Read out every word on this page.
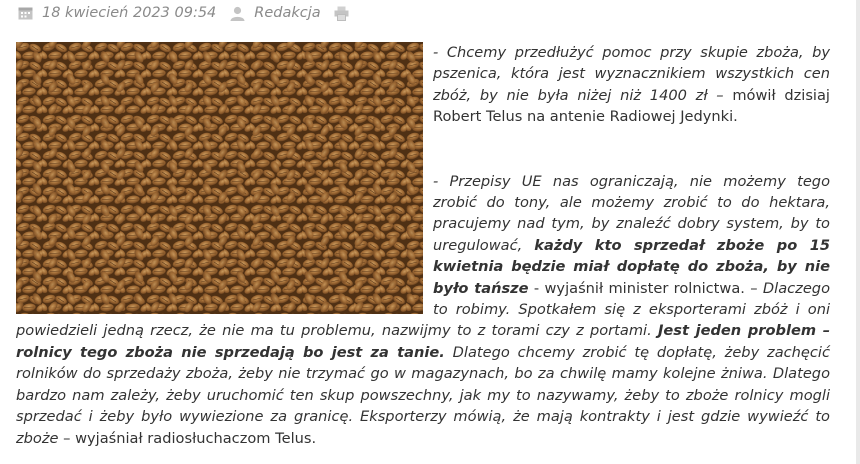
18 kwiecień 2023 09:54	Redakcja

- Chcemy przedłużyć pomoc przy skupie zboża, by pszenica, która jest wyznacznikiem wszystkich cen zbóż, by nie była niżej niż 1400 zł – mówił dzisiaj Robert Telus na antenie Radiowej Jedynki.

- Przepisy UE nas ograniczają, nie możemy tego zrobić do tony, ale możemy zrobić to do hektara, pracujemy nad tym, by znaleźć dobry system, by to uregulować, każdy kto sprzedał zboże po 15 kwietnia będzie miał dopłatę do zboża, by nie było tańsze - wyjaśnił minister rolnictwa. – Dlaczego to robimy. Spotkałem się z eksporterami zbóż i oni powiedzieli jedną rzecz, że nie ma tu problemu, nazwijmy to z torami czy z portami. Jest jeden problem – rolnicy tego zboża nie sprzedają bo jest za tanie. Dlatego chcemy zrobić tę dopłatę, żeby zachęcić rolników do sprzedaży zboża, żeby nie trzymać go w magazynach, bo za chwilę mamy kolejne żniwa. Dlatego bardzo nam zależy, żeby uruchomić ten skup powszechny, jak my to nazywamy, żeby to zboże rolnicy mogli sprzedać i żeby było wywiezione za granicę. Eksporterzy mówią, że mają kontrakty i jest gdzie wywieźć to zboże – wyjaśniał radiosłuchaczom Telus.
